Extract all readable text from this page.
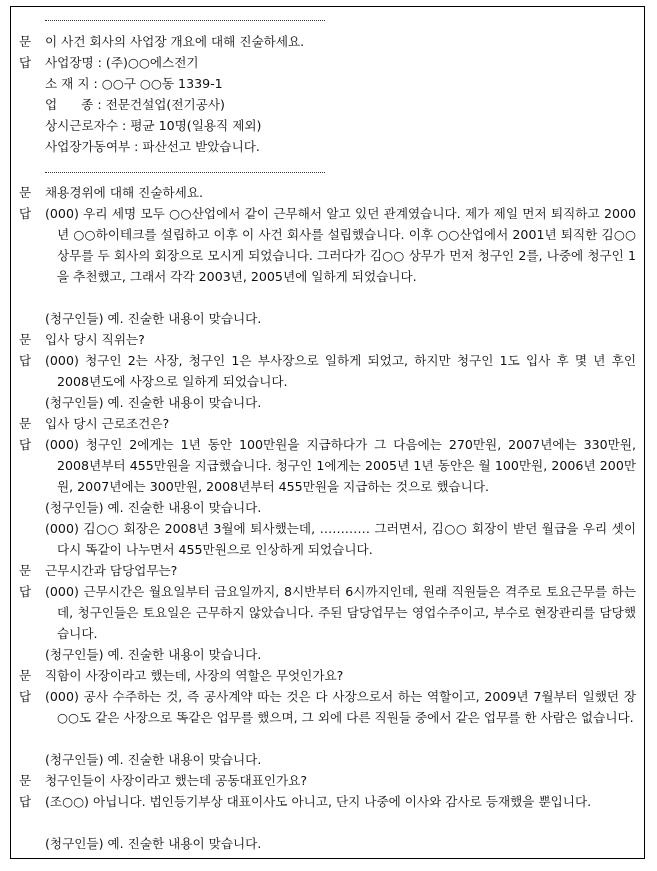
문 이 사건 회사의 사업장 개요에 대해 진술하세요.
답 사업장명 : (주)○○에스전기
소 재 지 : ○○구 ○○동 1339-1
업      종 : 전문건설업(전기공사)
상시근로자수 : 평균 10명(일용직 제외)
사업장가동여부 : 파산선고 받았습니다.
문 채용경위에 대해 진술하세요.
답 (000) 우리 세명 모두 ○○산업에서 같이 근무해서 알고 있던 관계였습니다. 제가 제일 먼저 퇴직하고 2000년 ○○하이테크를 설립하고 이후 이 사건 회사를 설립했습니다. 이후 ○○산업에서 2001년 퇴직한 김○○ 상무를 두 회사의 회장으로 모시게 되었습니다. 그러다가 김○○ 상무가 먼저 청구인 2를, 나중에 청구인 1을 추천했고, 그래서 각각 2003년, 2005년에 일하게 되었습니다.
(청구인들) 예. 진술한 내용이 맞습니다.
문 입사 당시 직위는?
답 (000) 청구인 2는 사장, 청구인 1은 부사장으로 일하게 되었고, 하지만 청구인 1도 입사 후 몇 년 후인 2008년도에 사장으로 일하게 되었습니다.
(청구인들) 예. 진술한 내용이 맞습니다.
문 입사 당시 근로조건은?
답 (000) 청구인 2에게는 1년 동안 100만원을 지급하다가 그 다음에는 270만원, 2007년에는 330만원, 2008년부터 455만원을 지급했습니다. 청구인 1에게는 2005년 1년 동안은 월 100만원, 2006년 200만원, 2007년에는 300만원, 2008년부터 455만원을 지급하는 것으로 했습니다.
(청구인들) 예. 진술한 내용이 맞습니다.
(000) 김○○ 회장은 2008년 3월에 퇴사했는데, ………… 그러면서, 김○○ 회장이 받던 월급을 우리 셋이 다시 똑같이 나누면서 455만원으로 인상하게 되었습니다.
문 근무시간과 담당업무는?
답 (000) 근무시간은 월요일부터 금요일까지, 8시반부터 6시까지인데, 원래 직원들은 격주로 토요근무를 하는데, 청구인들은 토요일은 근무하지 않았습니다. 주된 담당업무는 영업수주이고, 부수로 현장관리를 담당했습니다.
(청구인들) 예. 진술한 내용이 맞습니다.
문 직함이 사장이라고 했는데, 사장의 역할은 무엇인가요?
답 (000) 공사 수주하는 것, 즉 공사계약 따는 것은 다 사장으로서 하는 역할이고, 2009년 7월부터 일했던 장○○도 같은 사장으로 똑같은 업무를 했으며, 그 외에 다른 직원들 중에서 같은 업무를 한 사람은 없습니다.
(청구인들) 예. 진술한 내용이 맞습니다.
문 청구인들이 사장이라고 했는데 공동대표인가요?
답 (조○○) 아닙니다. 법인등기부상 대표이사도 아니고, 단지 나중에 이사와 감사로 등재했을 뿐입니다.
(청구인들) 예. 진술한 내용이 맞습니다.
